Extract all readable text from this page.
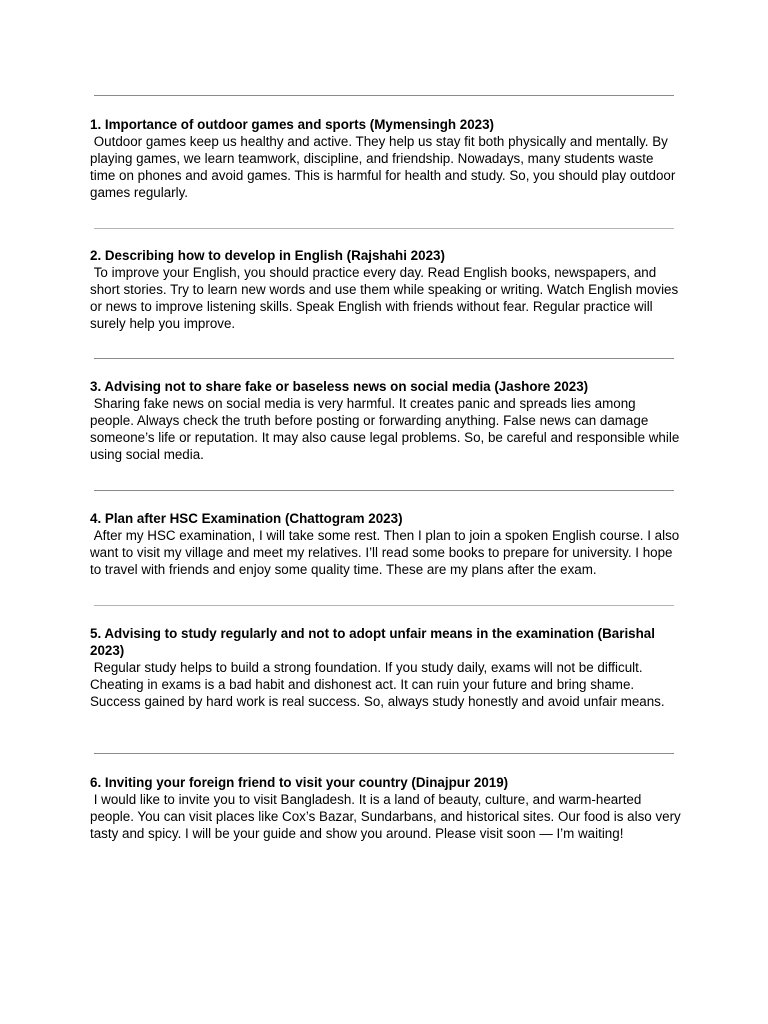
1. Importance of outdoor games and sports (Mymensingh 2023)

Outdoor games keep us healthy and active. They help us stay fit both physically and mentally. By playing games, we learn teamwork, discipline, and friendship. Nowadays, many students waste time on phones and avoid games. This is harmful for health and study. So, you should play outdoor games regularly.

2. Describing how to develop in English (Rajshahi 2023)

To improve your English, you should practice every day. Read English books, newspapers, and short stories. Try to learn new words and use them while speaking or writing. Watch English movies or news to improve listening skills. Speak English with friends without fear. Regular practice will surely help you improve.

3. Advising not to share fake or baseless news on social media (Jashore 2023)

Sharing fake news on social media is very harmful. It creates panic and spreads lies among people. Always check the truth before posting or forwarding anything. False news can damage someone’s life or reputation. It may also cause legal problems. So, be careful and responsible while using social media.

4. Plan after HSC Examination (Chattogram 2023)

After my HSC examination, I will take some rest. Then I plan to join a spoken English course. I also want to visit my village and meet my relatives. I’ll read some books to prepare for university. I hope to travel with friends and enjoy some quality time. These are my plans after the exam.

5. Advising to study regularly and not to adopt unfair means in the examination (Barishal 2023)

Regular study helps to build a strong foundation. If you study daily, exams will not be difficult. Cheating in exams is a bad habit and dishonest act. It can ruin your future and bring shame. Success gained by hard work is real success. So, always study honestly and avoid unfair means.

6. Inviting your foreign friend to visit your country (Dinajpur 2019)

I would like to invite you to visit Bangladesh. It is a land of beauty, culture, and warm-hearted people. You can visit places like Cox’s Bazar, Sundarbans, and historical sites. Our food is also very tasty and spicy. I will be your guide and show you around. Please visit soon — I’m waiting!
